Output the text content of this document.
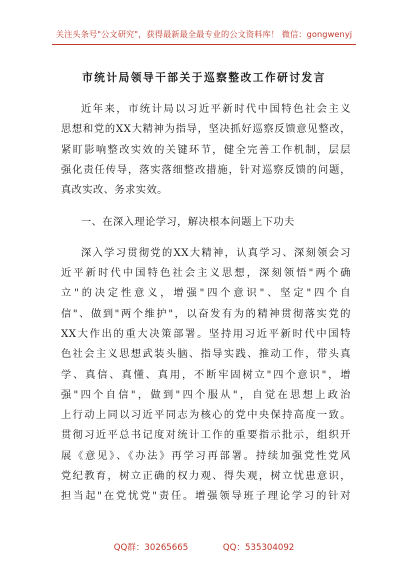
关注头条号"公文研究"，获得最新最全最专业的公文资料库！ 微信：gongwenyj
市统计局领导干部关于巡察整改工作研讨发言
近年来，市统计局以习近平新时代中国特色社会主义
思想和党的XX大精神为指导，坚决抓好巡察反馈意见整改，
紧盯影响整改实效的关键环节，健全完善工作机制，层层
强化责任传导，落实落细整改措施，针对巡察反馈的问题，
真改实改、务求实效。
一、在深入理论学习，解决根本问题上下功夫
深入学习贯彻党的XX大精神，认真学习、深刻领会习
近平新时代中国特色社会主义思想，深刻领悟"两个确
立"的决定性意义，增强"四个意识"、坚定"四个自
信"、做到"两个维护"，以奋发有为的精神贯彻落实党的
XX大作出的重大决策部署。坚持用习近平新时代中国特
色社会主义思想武装头脑、指导实践、推动工作，带头真
学、真信、真懂、真用，不断牢固树立"四个意识"，增
强"四个自信"，做到"四个服从"，自觉在思想上政治
上行动上同以习近平同志为核心的党中央保持高度一致。
贯彻习近平总书记度对统计工作的重要指示批示，组织开
展《意见》、《办法》再学习再部署。持续加强党性党风
党纪教育，树立正确的权力观、得失观，树立忧患意识，
担当起"在党忧党"责任。增强领导班子理论学习的针对
QQ群：30265665	QQ：535304092
